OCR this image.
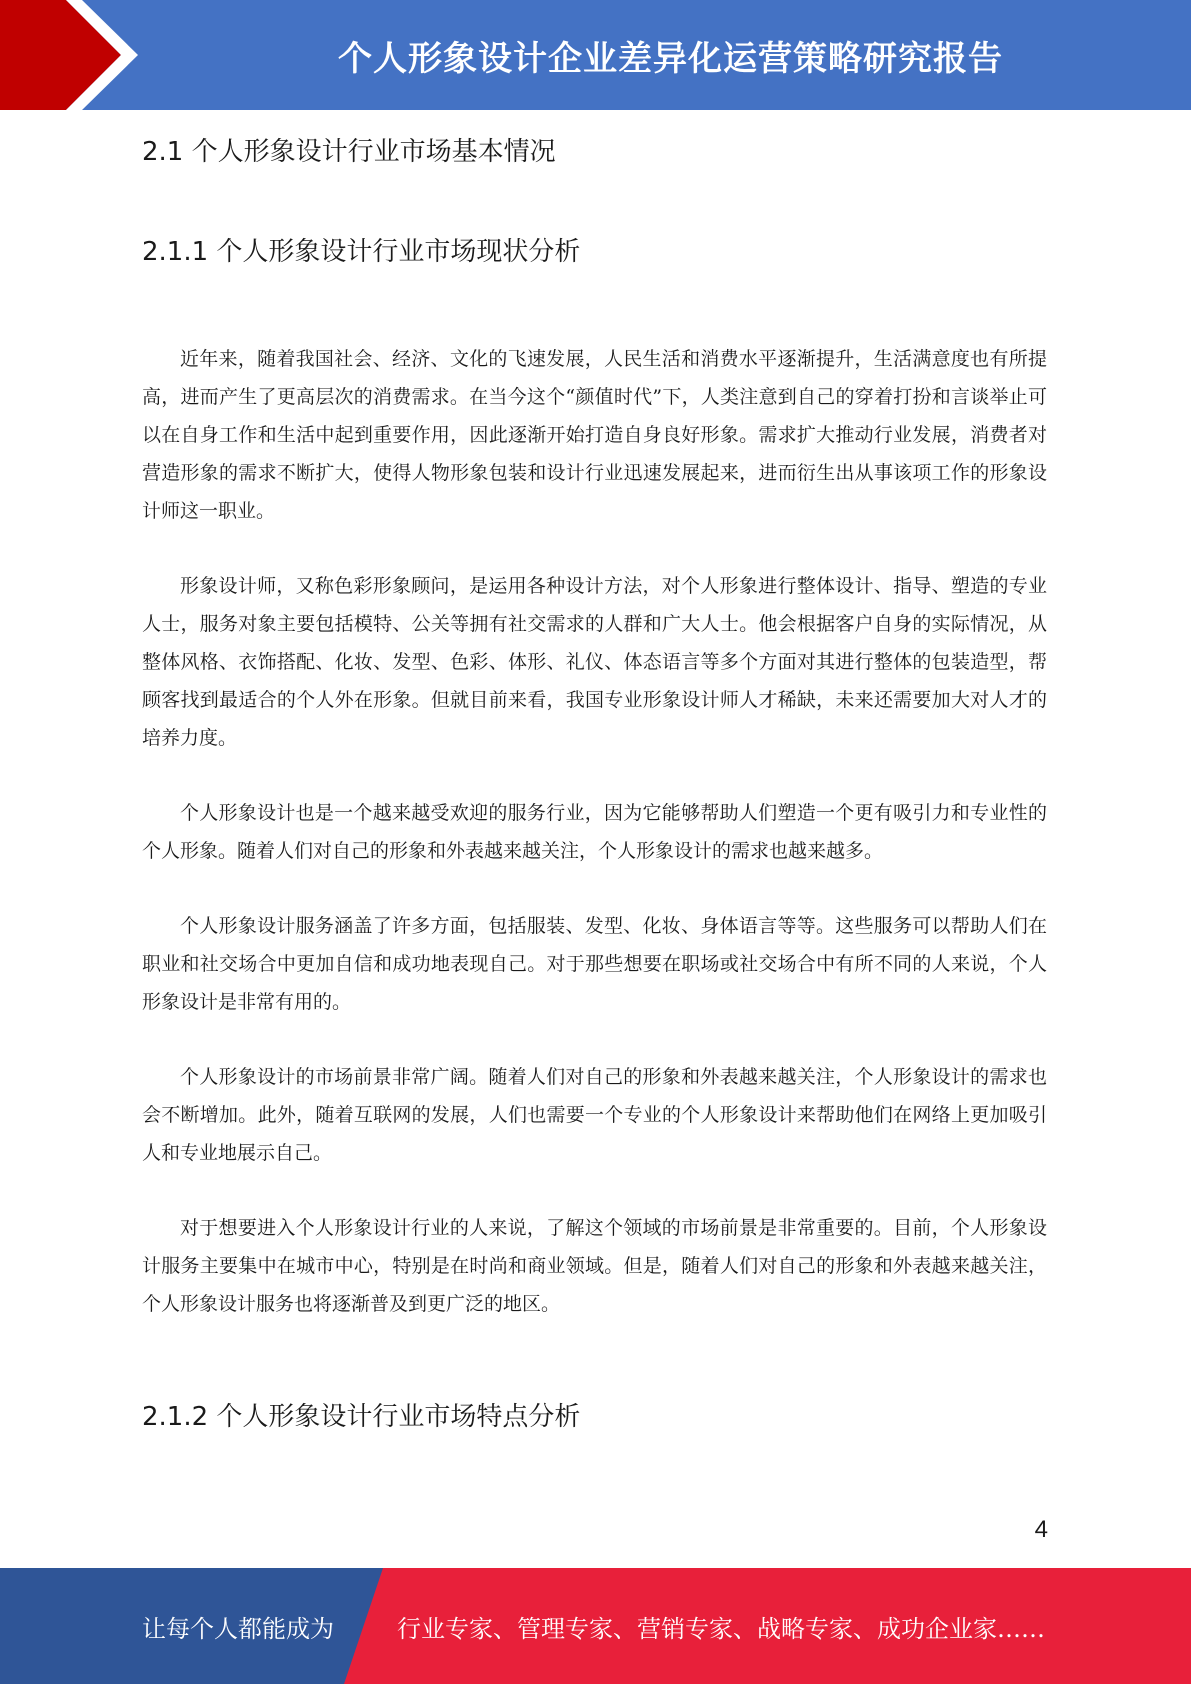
个人形象设计企业差异化运营策略研究报告
2.1 个人形象设计行业市场基本情况
2.1.1 个人形象设计行业市场现状分析

近年来，随着我国社会、经济、文化的飞速发展，人民生活和消费水平逐渐提升，生活满意度也有所提高，进而产生了更高层次的消费需求。在当今这个“颜值时代”下，人类注意到自己的穿着打扮和言谈举止可以在自身工作和生活中起到重要作用，因此逐渐开始打造自身良好形象。需求扩大推动行业发展，消费者对营造形象的需求不断扩大，使得人物形象包装和设计行业迅速发展起来，进而衍生出从事该项工作的形象设计师这一职业。

形象设计师，又称色彩形象顾问，是运用各种设计方法，对个人形象进行整体设计、指导、塑造的专业人士，服务对象主要包括模特、公关等拥有社交需求的人群和广大人士。他会根据客户自身的实际情况，从整体风格、衣饰搭配、化妆、发型、色彩、体形、礼仪、体态语言等多个方面对其进行整体的包装造型，帮顾客找到最适合的个人外在形象。但就目前来看，我国专业形象设计师人才稀缺，未来还需要加大对人才的培养力度。

个人形象设计也是一个越来越受欢迎的服务行业，因为它能够帮助人们塑造一个更有吸引力和专业性的个人形象。随着人们对自己的形象和外表越来越关注，个人形象设计的需求也越来越多。

个人形象设计服务涵盖了许多方面，包括服装、发型、化妆、身体语言等等。这些服务可以帮助人们在职业和社交场合中更加自信和成功地表现自己。对于那些想要在职场或社交场合中有所不同的人来说，个人形象设计是非常有用的。

个人形象设计的市场前景非常广阔。随着人们对自己的形象和外表越来越关注，个人形象设计的需求也会不断增加。此外，随着互联网的发展，人们也需要一个专业的个人形象设计来帮助他们在网络上更加吸引人和专业地展示自己。

对于想要进入个人形象设计行业的人来说，了解这个领域的市场前景是非常重要的。目前，个人形象设计服务主要集中在城市中心，特别是在时尚和商业领域。但是，随着人们对自己的形象和外表越来越关注，个人形象设计服务也将逐渐普及到更广泛的地区。

2.1.2 个人形象设计行业市场特点分析
4
让每个人都能成为	行业专家、管理专家、营销专家、战略专家、成功企业家……
